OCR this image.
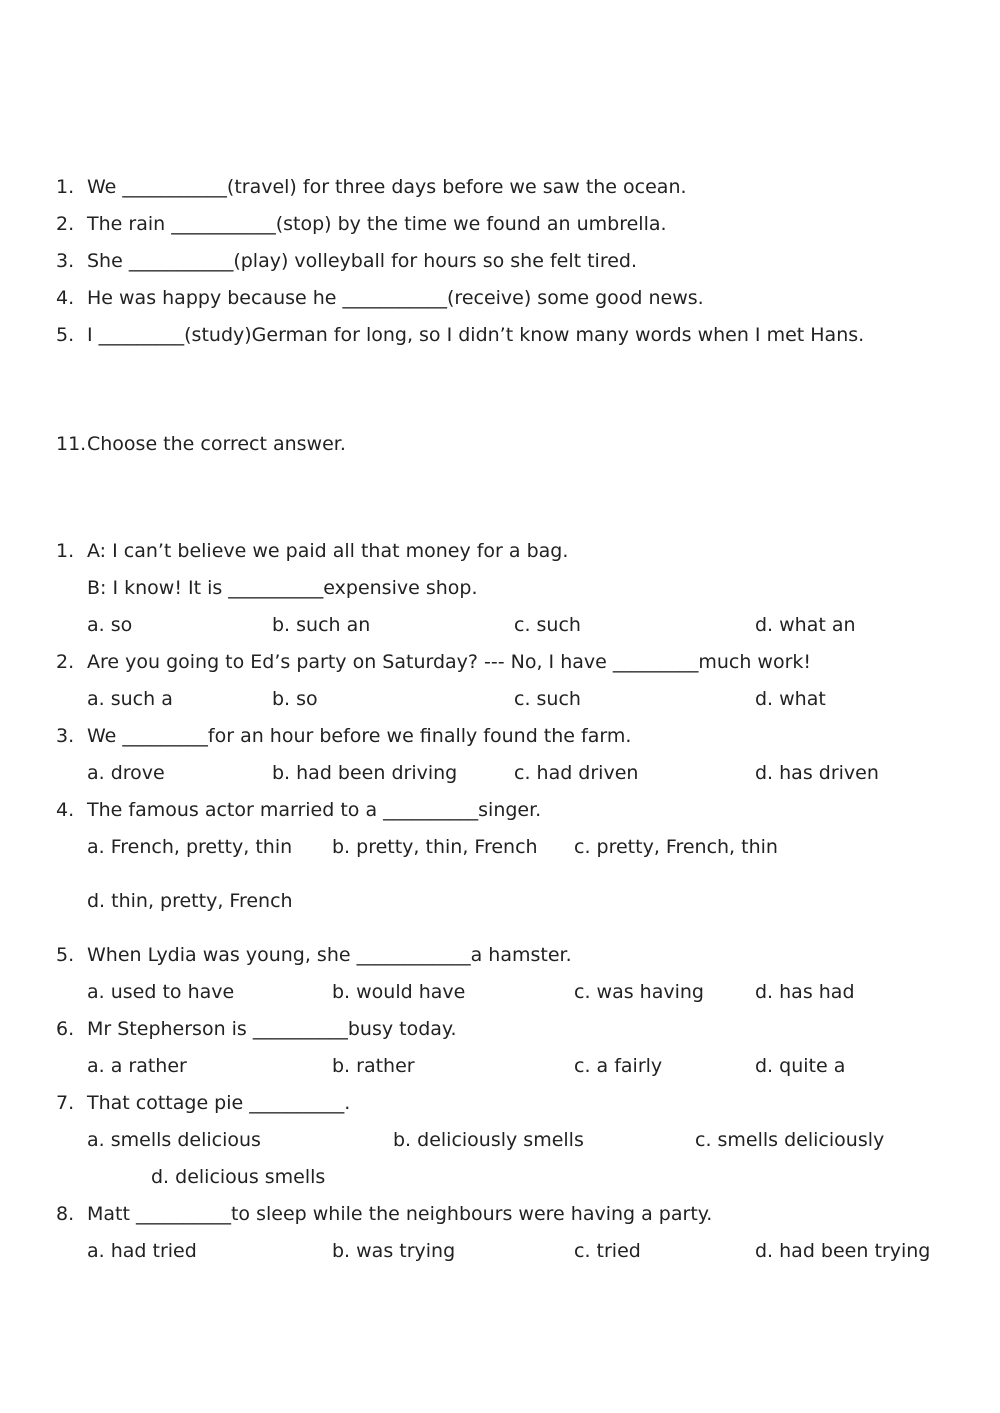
1. We ___________(travel) for three days before we saw the ocean.
2. The rain ___________(stop) by the time we found an umbrella.
3. She ___________(play) volleyball for hours so she felt tired.
4. He was happy because he ___________(receive) some good news.
5. I _________(study)German for long, so I didn’t know many words when I met Hans.
11. Choose the correct answer.
1. A: I can’t believe we paid all that money for a bag.
B: I know! It is __________expensive shop.
a. so	b. such an	c. such	d. what an
2. Are you going to Ed’s party on Saturday? --- No, I have _________much work!
a. such a	b. so	c. such	d. what
3. We _________for an hour before we finally found the farm.
a. drove	b. had been driving	c. had driven	d. has driven
4. The famous actor married to a __________singer.
a. French, pretty, thin b. pretty, thin, French c. pretty, French, thin
d. thin, pretty, French
5. When Lydia was young, she ____________a hamster.
a. used to have	b. would have	c. was having	d. has had
6. Mr Stepherson is __________busy today.
a. a rather	b. rather	c. a fairly	d. quite a
7. That cottage pie __________.
a. smells delicious	b. deliciously smells	c. smells deliciously
d. delicious smells
8. Matt __________to sleep while the neighbours were having a party.
a. had tried	b. was trying	c. tried	d. had been trying
